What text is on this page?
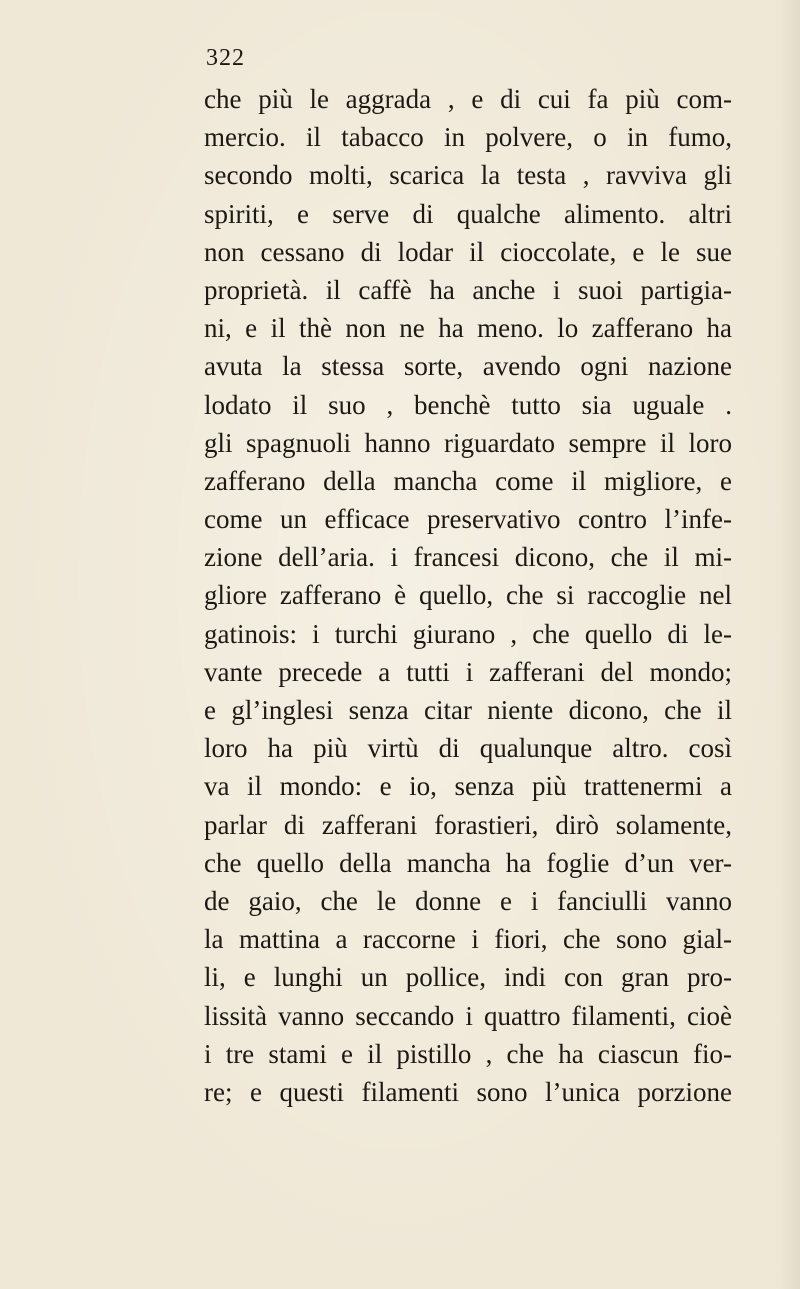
322
che più le aggrada , e di cui fa più com-
mercio. il tabacco in polvere, o in fumo,
secondo molti, scarica la testa , ravviva gli
spiriti, e serve di qualche alimento. altri
non cessano di lodar il cioccolate, e le sue
proprietà. il caffè ha anche i suoi partigia-
ni, e il thè non ne ha meno. lo zafferano ha
avuta la stessa sorte, avendo ogni nazione
lodato il suo , benchè tutto sia uguale .
gli spagnuoli hanno riguardato sempre il loro
zafferano della mancha come il migliore, e
come un efficace preservativo contro l’infe-
zione dell’aria. i francesi dicono, che il mi-
gliore zafferano è quello, che si raccoglie nel
gatinois: i turchi giurano , che quello di le-
vante precede a tutti i zafferani del mondo;
e gl’inglesi senza citar niente dicono, che il
loro ha più virtù di qualunque altro. così
va il mondo: e io, senza più trattenermi a
parlar di zafferani forastieri, dirò solamente,
che quello della mancha ha foglie d’un ver-
de gaio, che le donne e i fanciulli vanno
la mattina a raccorne i fiori, che sono gial-
li, e lunghi un pollice, indi con gran pro-
lissità vanno seccando i quattro filamenti, cioè
i tre stami e il pistillo , che ha ciascun fio-
re; e questi filamenti sono l’unica porzione
